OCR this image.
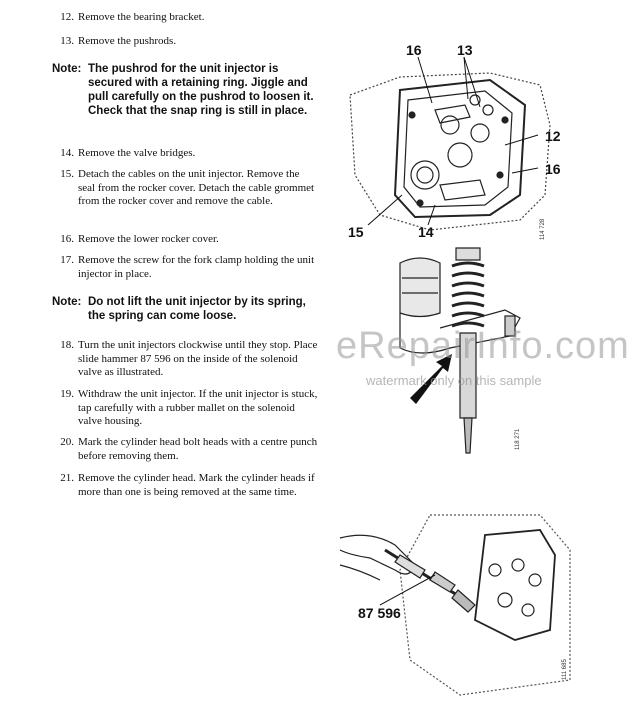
12. Remove the bearing bracket.
13. Remove the pushrods.
Note: The pushrod for the unit injector is secured with a retaining ring. Jiggle and pull carefully on the pushrod to loosen it. Check that the snap ring is still in place.
14. Remove the valve bridges.
15. Detach the cables on the unit injector. Remove the seal from the rocker cover. Detach the cable grommet from the rocker cover and remove the cable.
16. Remove the lower rocker cover.
17. Remove the screw for the fork clamp holding the unit injector in place.
Note: Do not lift the unit injector by its spring, the spring can come loose.
18. Turn the unit injectors clockwise until they stop. Place slide hammer 87 596 on the inside of the solenoid valve as illustrated.
19. Withdraw the unit injector. If the unit injector is stuck, tap carefully with a rubber mallet on the solenoid valve housing.
20. Mark the cylinder head bolt heads with a centre punch before removing them.
21. Remove the cylinder head. Mark the cylinder heads if more than one is being removed at the same time.
16	13
12
16
15	14	114 728
118 271
eRepairInfo.com
watermark only on this sample
87 596
111 685
